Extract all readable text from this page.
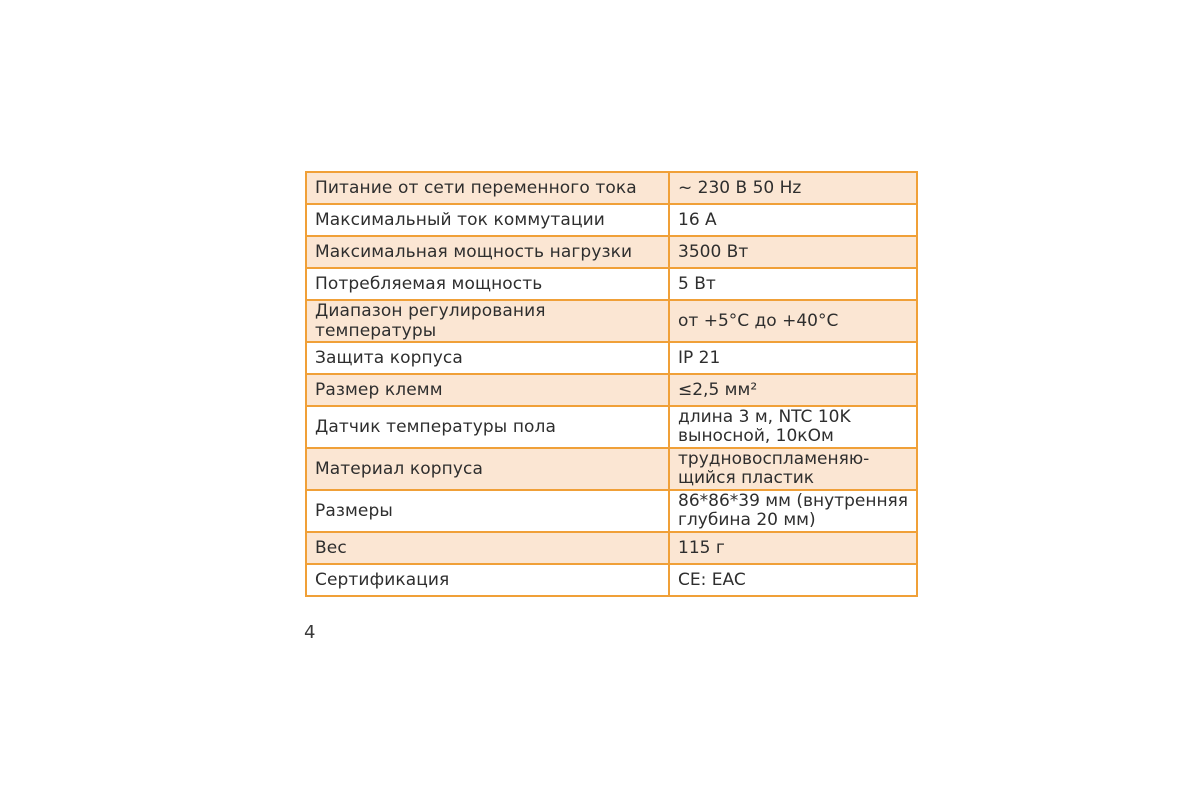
Питание от сети переменного тока	~ 230 В 50 Hz
Максимальный ток коммутации	16 А
Максимальная мощность нагрузки	3500 Вт
Потребляемая мощность	5 Вт
Диапазон регулирования температуры	от +5°С до +40°С
Защита корпуса	IP 21
Размер клемм	≤2,5 мм²
Датчик температуры пола	длина 3 м, NTC 10K выносной, 10кОм
Материал корпуса	трудновоспламеняю-щийся пластик
Размеры	86*86*39 мм (внутренняя глубина 20 мм)
Вес	115 г
Сертификация	СЕ: EAC
4
